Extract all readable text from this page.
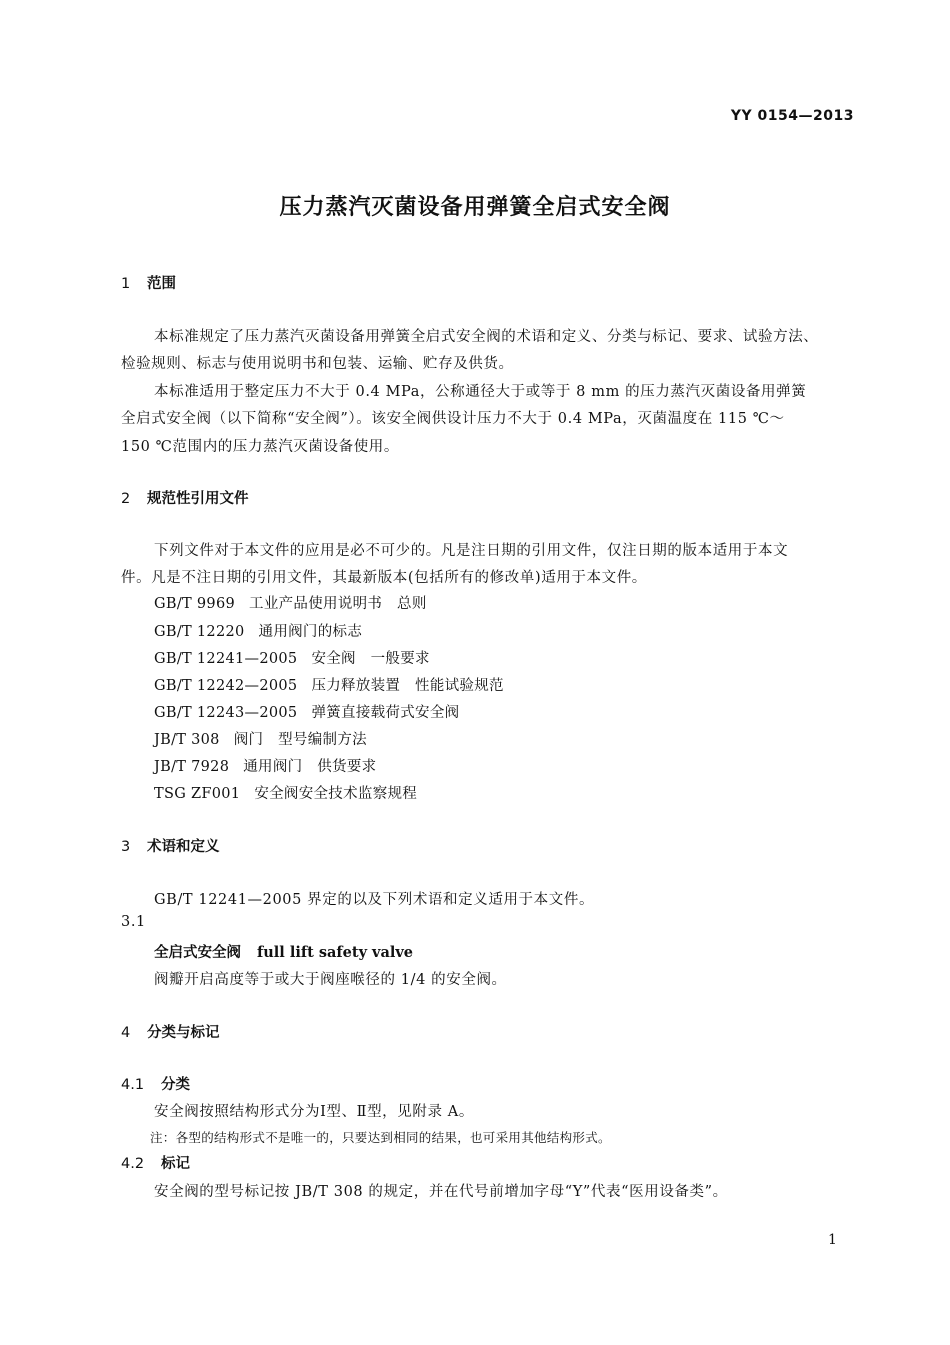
YY 0154—2013
压力蒸汽灭菌设备用弹簧全启式安全阀
1 范围
本标准规定了压力蒸汽灭菌设备用弹簧全启式安全阀的术语和定义、分类与标记、要求、试验方法、
检验规则、标志与使用说明书和包装、运输、贮存及供货。
本标准适用于整定压力不大于 0.4 MPa，公称通径大于或等于 8 mm 的压力蒸汽灭菌设备用弹簧
全启式安全阀（以下简称“安全阀”）。该安全阀供设计压力不大于 0.4 MPa，灭菌温度在 115 ℃～
150 ℃范围内的压力蒸汽灭菌设备使用。
2 规范性引用文件
下列文件对于本文件的应用是必不可少的。凡是注日期的引用文件，仅注日期的版本适用于本文
件。凡是不注日期的引用文件，其最新版本(包括所有的修改单)适用于本文件。
GB/T 9969 工业产品使用说明书　总则
GB/T 12220 通用阀门的标志
GB/T 12241—2005 安全阀　一般要求
GB/T 12242—2005 压力释放装置　性能试验规范
GB/T 12243—2005 弹簧直接载荷式安全阀
JB/T 308 阀门　型号编制方法
JB/T 7928 通用阀门　供货要求
TSG ZF001 安全阀安全技术监察规程
3 术语和定义
GB/T 12241—2005 界定的以及下列术语和定义适用于本文件。
3.1
全启式安全阀 full lift safety valve
阀瓣开启高度等于或大于阀座喉径的 1/4 的安全阀。
4 分类与标记
4.1 分类
安全阀按照结构形式分为Ⅰ型、Ⅱ型，见附录 A。
注：各型的结构形式不是唯一的，只要达到相同的结果，也可采用其他结构形式。
4.2 标记
安全阀的型号标记按 JB/T 308 的规定，并在代号前增加字母“Y”代表“医用设备类”。
1
